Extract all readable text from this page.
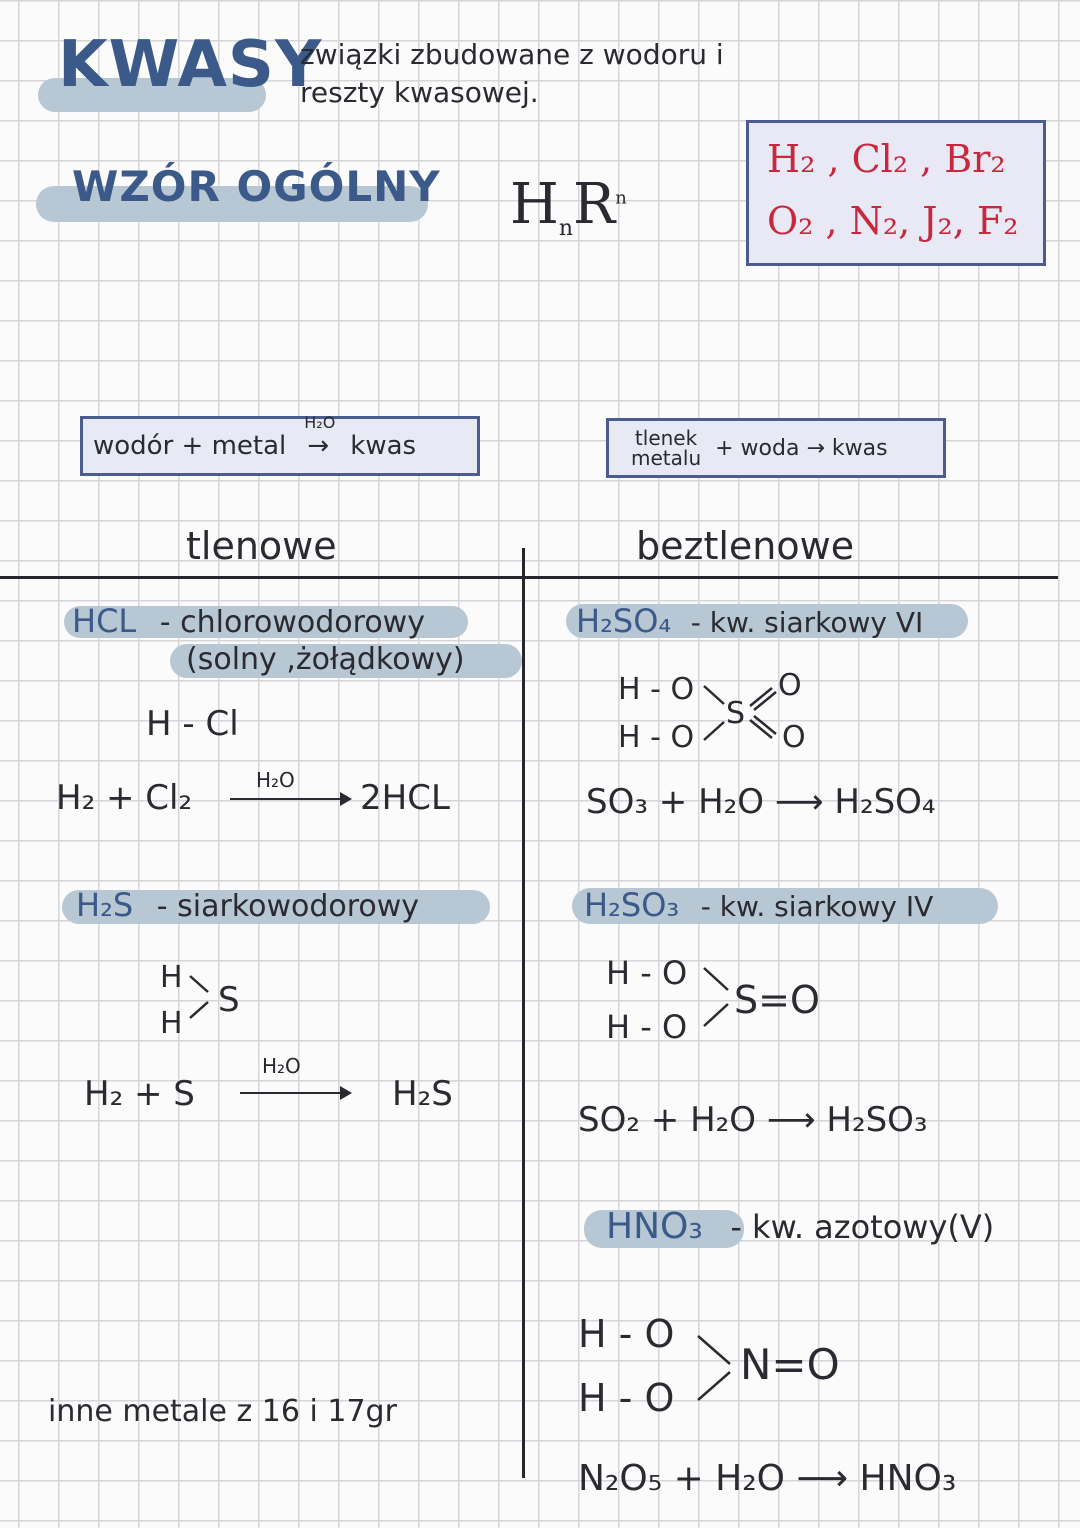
KWASY
związki zbudowane z wodoru i
reszty kwasowej.
WZÓR OGÓLNY $H_nR^n$
H₂ , Cl₂ , Br₂
O₂ , N₂, J₂, F₂
wodór + metal
H₂O
→ kwas	tlenek
metalu + woda → kwas
tlenowe	beztlenowe
HCL - chlorowodorowy
(solny ,żołądkowy)
H - Cl
H₂ + Cl₂	H₂O 2HCL
H₂S - siarkowodorowy
H
H
S
H₂ + S
H₂O
H₂S
inne metale z 16 i 17gr
H₂SO₄ - kw. siarkowy VI
H - O
H - O
S
O
O
SO₃ + H₂O ⟶ H₂SO₄
H₂SO₃ - kw. siarkowy IV
H - O
H - O
S=O
SO₂ + H₂O ⟶ H₂SO₃
HNO₃ - kw. azotowy(V)
H - O
H - O
N=O
N₂O₅ + H₂O ⟶ HNO₃
